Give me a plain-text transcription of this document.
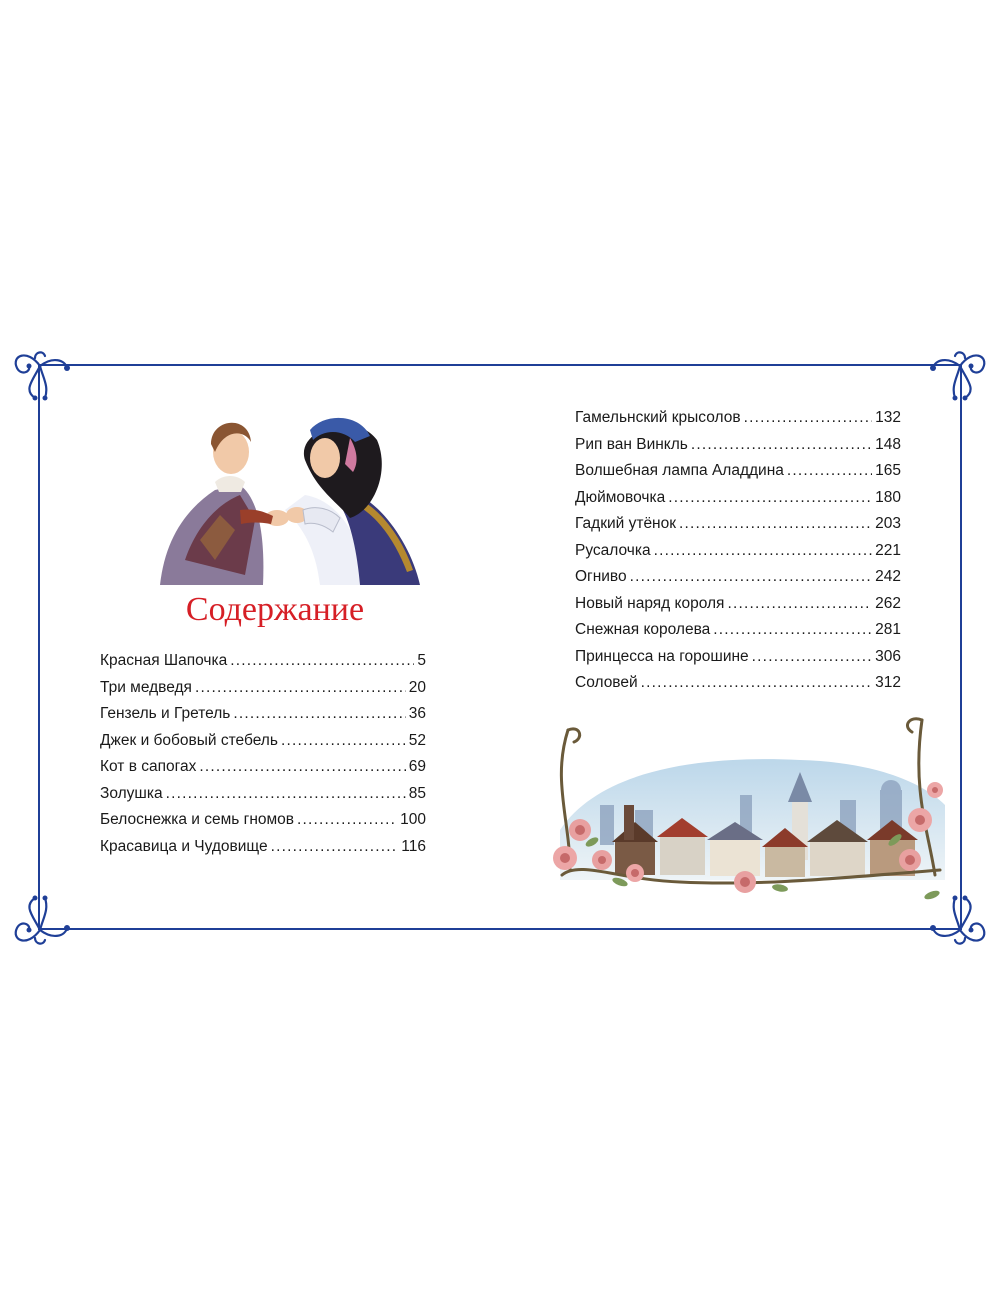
Содержание
Красная Шапочка .....	5
Три медведя .....	20
Гензель и Гретель .....	36
Джек и бобовый стебель .....	52
Кот в сапогах .....	69
Золушка .....	85
Белоснежка и семь гномов .....	100
Красавица и Чудовище .....	116
Гамельнский крысолов .....	132
Рип ван Винкль .....	148
Волшебная лампа Аладдина .....	165
Дюймовочка .....	180
Гадкий утёнок .....	203
Русалочка .....	221
Огниво .....	242
Новый наряд короля .....	262
Снежная королева .....	281
Принцесса на горошине .....	306
Соловей .....	312
